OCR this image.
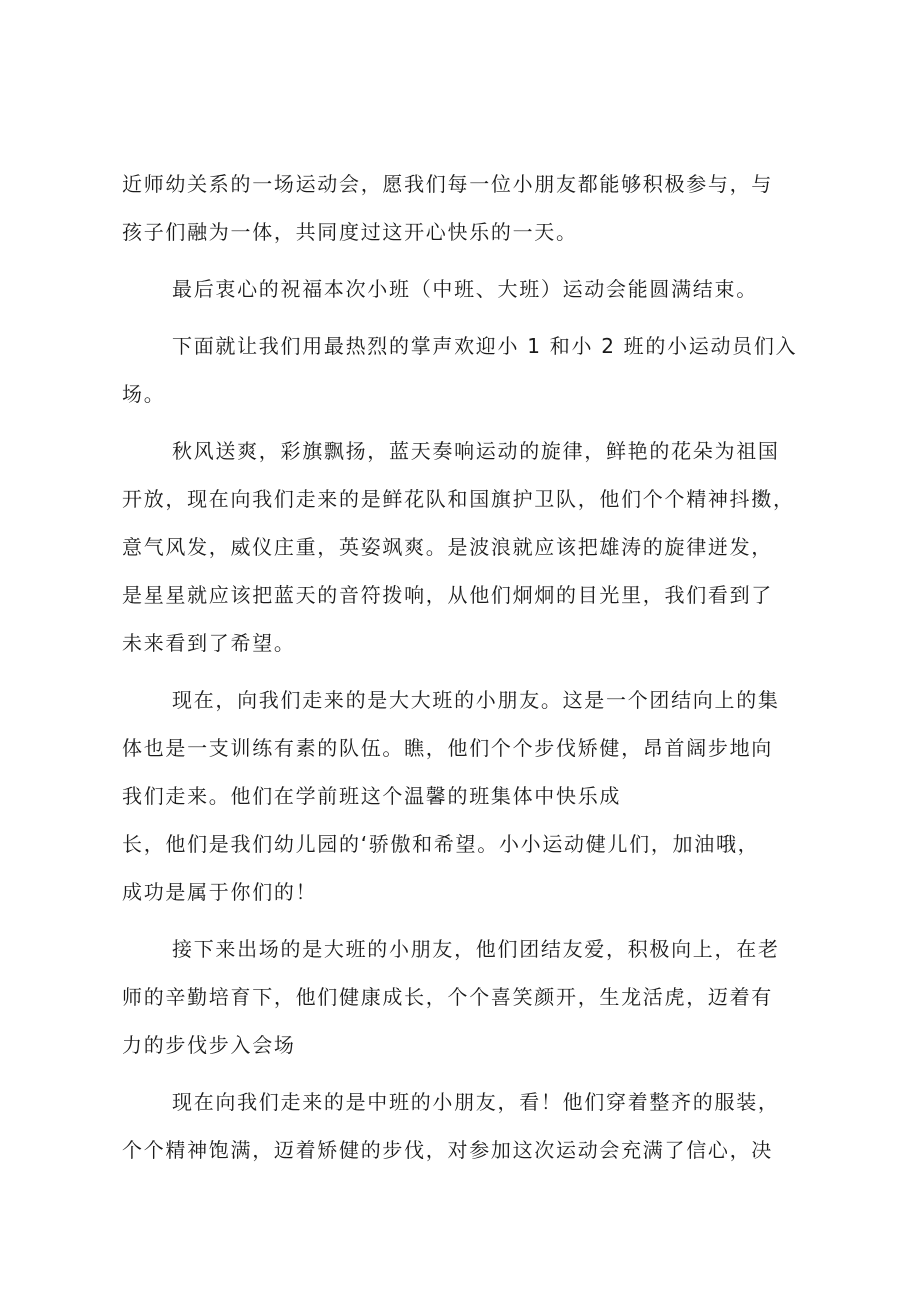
近师幼关系的一场运动会，愿我们每一位小朋友都能够积极参与，与
孩子们融为一体，共同度过这开心快乐的一天。
最后衷心的祝福本次小班（中班、大班）运动会能圆满结束。
下面就让我们用最热烈的掌声欢迎小 1 和小 2 班的小运动员们入
场。
秋风送爽，彩旗飘扬，蓝天奏响运动的旋律，鲜艳的花朵为祖国
开放，现在向我们走来的是鲜花队和国旗护卫队，他们个个精神抖擞，
意气风发，威仪庄重，英姿飒爽。是波浪就应该把雄涛的旋律迸发，
是星星就应该把蓝天的音符拨响，从他们炯炯的目光里，我们看到了
未来看到了希望。
现在，向我们走来的是大大班的小朋友。这是一个团结向上的集
体也是一支训练有素的队伍。瞧，他们个个步伐矫健，昂首阔步地向
我们走来。他们在学前班这个温馨的班集体中快乐成
长，他们是我们幼儿园的‘骄傲和希望。小小运动健儿们，加油哦，
成功是属于你们的！
接下来出场的是大班的小朋友，他们团结友爱，积极向上，在老
师的辛勤培育下，他们健康成长，个个喜笑颜开，生龙活虎，迈着有
力的步伐步入会场
现在向我们走来的是中班的小朋友，看！他们穿着整齐的服装，
个个精神饱满，迈着矫健的步伐，对参加这次运动会充满了信心，决
